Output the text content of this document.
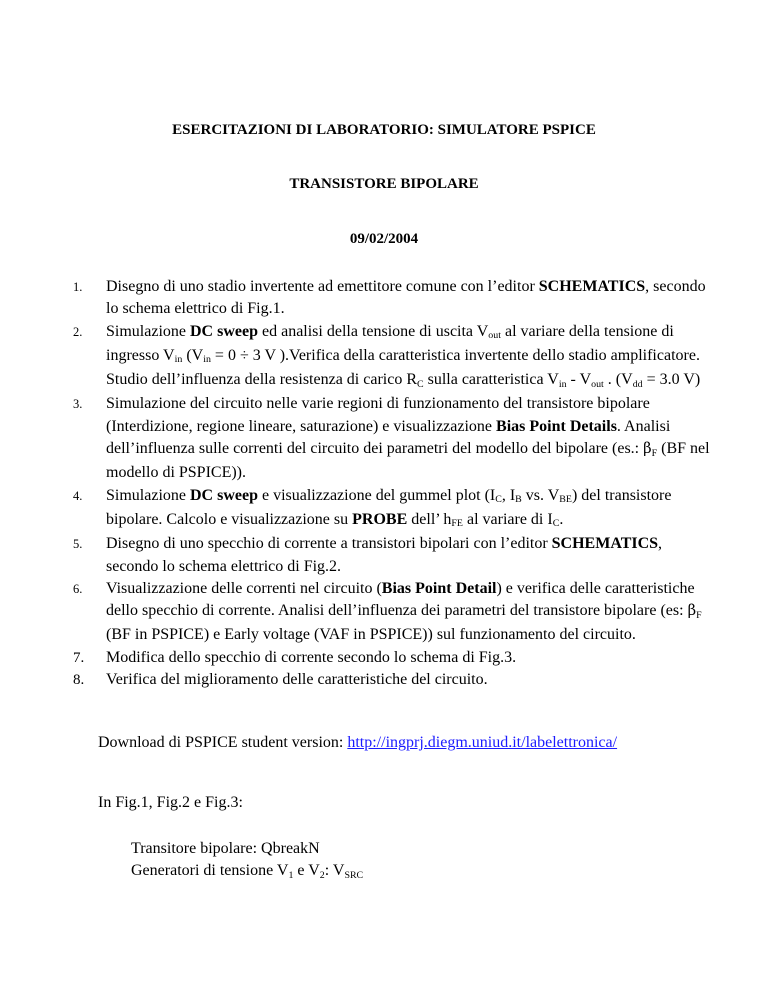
ESERCITAZIONI DI LABORATORIO: SIMULATORE PSPICE
TRANSISTORE BIPOLARE
09/02/2004
1. Disegno di uno stadio invertente ad emettitore comune con l’editor SCHEMATICS, secondo lo schema elettrico di Fig.1.
2. Simulazione DC sweep ed analisi della tensione di uscita $V_{out}$ al variare della tensione di ingresso $V_{in}$ ($V_{in} = 0 \div 3$ V ).Verifica della caratteristica invertente dello stadio amplificatore. Studio dell’influenza della resistenza di carico $R_C$ sulla caratteristica $V_{in} - V_{out}$ . ($V_{dd} = 3.0$ V)
3. Simulazione del circuito nelle varie regioni di funzionamento del transistore bipolare (Interdizione, regione lineare, saturazione) e visualizzazione Bias Point Details. Analisi dell’influenza sulle correnti del circuito dei parametri del modello del bipolare (es.: $\beta_F$ (BF nel modello di PSPICE)).
4. Simulazione DC sweep e visualizzazione del gummel plot ($I_C$, $I_B$ vs. $V_{BE}$) del transistore bipolare. Calcolo e visualizzazione su PROBE dell’ $h_{FE}$ al variare di $I_C$.
5. Disegno di uno specchio di corrente a transistori bipolari con l’editor SCHEMATICS, secondo lo schema elettrico di Fig.2.
6. Visualizzazione delle correnti nel circuito (Bias Point Detail) e verifica delle caratteristiche dello specchio di corrente. Analisi dell’influenza dei parametri del transistore bipolare (es: $\beta_F$ (BF in PSPICE) e Early voltage (VAF in PSPICE)) sul funzionamento del circuito.
7. Modifica dello specchio di corrente secondo lo schema di Fig.3.
8. Verifica del miglioramento delle caratteristiche del circuito.
Download di PSPICE student version: http://ingprj.diegm.uniud.it/labelettronica/
In Fig.1, Fig.2 e Fig.3:
Transitore bipolare: QbreakN
Generatori di tensione $V_1$ e $V_2$: $V_{SRC}$
